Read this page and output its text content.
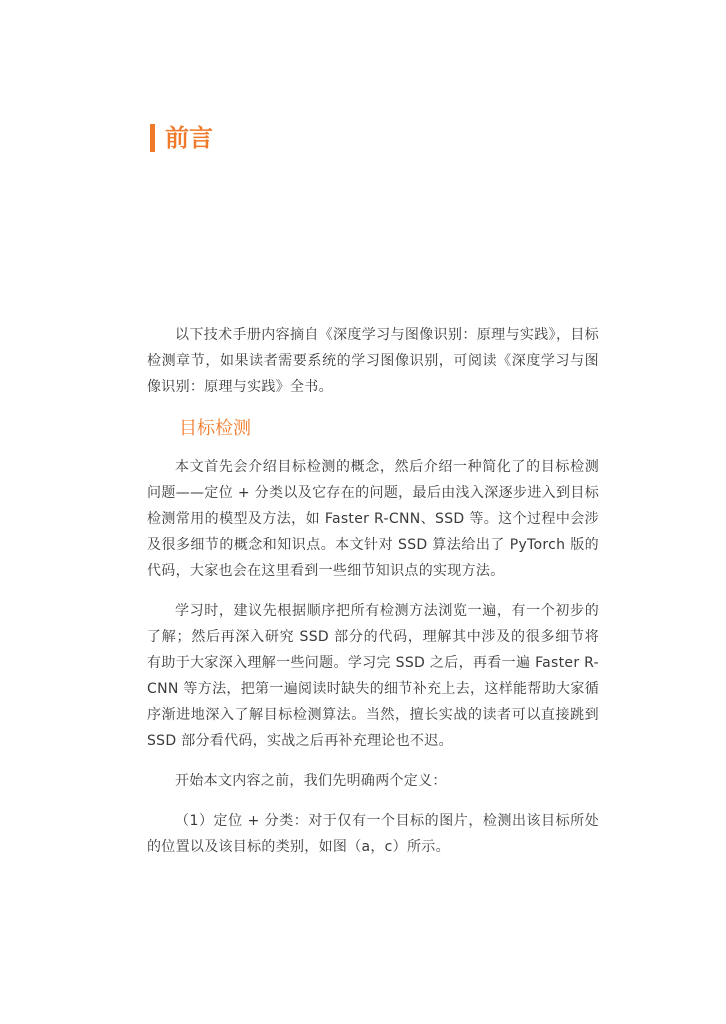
前言

以下技术手册内容摘自《深度学习与图像识别：原理与实践》，目标检测章节，如果读者需要系统的学习图像识别，可阅读《深度学习与图像识别：原理与实践》全书。

目标检测

本文首先会介绍目标检测的概念，然后介绍一种简化了的目标检测问题——定位 + 分类以及它存在的问题，最后由浅入深逐步进入到目标检测常用的模型及方法，如 Faster R-CNN、SSD 等。这个过程中会涉及很多细节的概念和知识点。本文针对 SSD 算法给出了 PyTorch 版的代码，大家也会在这里看到一些细节知识点的实现方法。

学习时，建议先根据顺序把所有检测方法浏览一遍，有一个初步的了解；然后再深入研究 SSD 部分的代码，理解其中涉及的很多细节将有助于大家深入理解一些问题。学习完 SSD 之后，再看一遍 Faster R-CNN 等方法，把第一遍阅读时缺失的细节补充上去，这样能帮助大家循序渐进地深入了解目标检测算法。当然，擅长实战的读者可以直接跳到 SSD 部分看代码，实战之后再补充理论也不迟。

开始本文内容之前，我们先明确两个定义：

（1）定位 + 分类：对于仅有一个目标的图片，检测出该目标所处的位置以及该目标的类别，如图（a，c）所示。
